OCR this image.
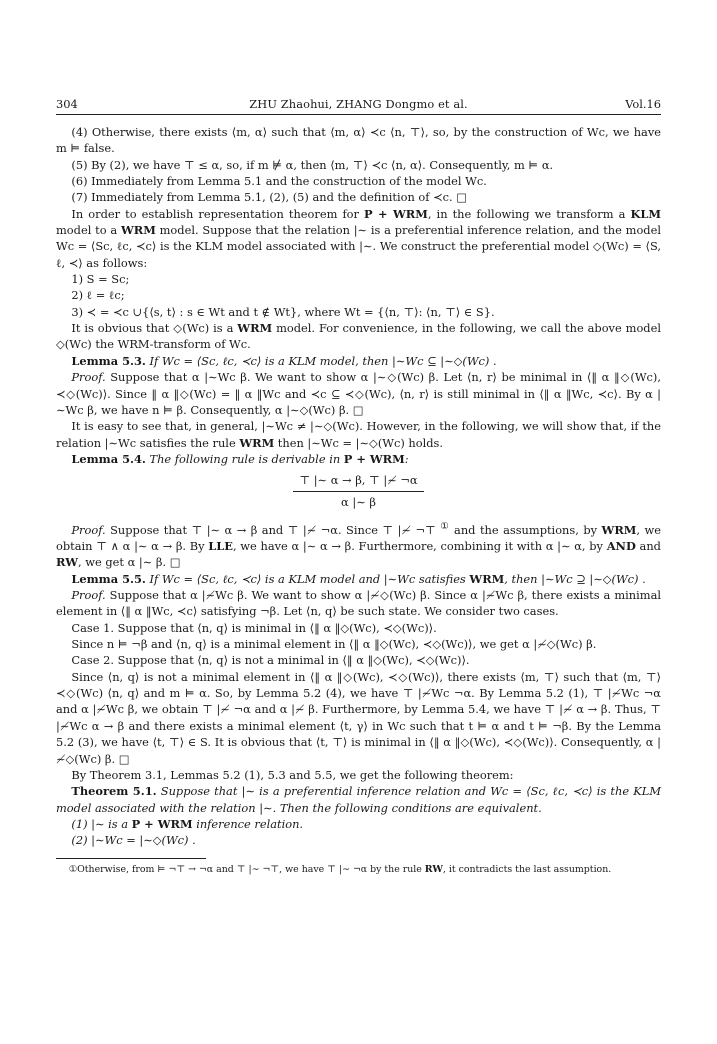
304	ZHU Zhaohui, ZHANG Dongmo et al.	Vol.16

(4) Otherwise, there exists ⟨m, α⟩ such that ⟨m, α⟩ ≺c ⟨n, ⊤⟩, so, by the construction of Wc, we have m ⊨ false.

(5) By (2), we have ⊤ ≤ α, so, if m ⊭ α, then ⟨m, ⊤⟩ ≺c ⟨n, α⟩. Consequently, m ⊨ α.

(6) Immediately from Lemma 5.1 and the construction of the model Wc.

(7) Immediately from Lemma 5.1, (2), (5) and the definition of ≺c. □

In order to establish representation theorem for P + WRM, in the following we transform a KLM model to a WRM model. Suppose that the relation |∼ is a preferential inference relation, and the model Wc = ⟨Sc, ℓc, ≺c⟩ is the KLM model associated with |∼. We construct the preferential model ◇(Wc) = ⟨S, ℓ, ≺⟩ as follows:

1) S = Sc;

2) ℓ = ℓc;

3) ≺ = ≺c ∪{⟨s, t⟩ : s ∈ Wt and t ∉ Wt}, where Wt = {⟨n, ⊤⟩: ⟨n, ⊤⟩ ∈ S}.

It is obvious that ◇(Wc) is a WRM model. For convenience, in the following, we call the above model ◇(Wc) the WRM-transform of Wc.

Lemma 5.3. If Wc = ⟨Sc, ℓc, ≺c⟩ is a KLM model, then |∼Wc ⊆ |∼◇(Wc) .

Proof. Suppose that α |∼Wc β. We want to show α |∼◇(Wc) β. Let ⟨n, r⟩ be minimal in ⟨‖ α ‖◇(Wc), ≺◇(Wc)⟩. Since ‖ α ‖◇(Wc) = ‖ α ‖Wc and ≺c ⊆ ≺◇(Wc), ⟨n, r⟩ is still minimal in ⟨‖ α ‖Wc, ≺c⟩. By α |∼Wc β, we have n ⊨ β. Consequently, α |∼◇(Wc) β. □

It is easy to see that, in general, |∼Wc ≠ |∼◇(Wc). However, in the following, we will show that, if the relation |∼Wc satisfies the rule WRM then |∼Wc = |∼◇(Wc) holds.

Lemma 5.4. The following rule is derivable in P + WRM:

$\frac{⊤ |\sim \alpha \to \beta, ⊤ |≁ \neg\alpha}{\alpha |\sim \beta}$

Proof. Suppose that ⊤ |∼ α → β and ⊤ |≁ ¬α. Since ⊤ |≁ ¬⊤ ① and the assumptions, by WRM, we obtain ⊤ ∧ α |∼ α → β. By LLE, we have α |∼ α → β. Furthermore, combining it with α |∼ α, by AND and RW, we get α |∼ β. □

Lemma 5.5. If Wc = ⟨Sc, ℓc, ≺c⟩ is a KLM model and |∼Wc satisfies WRM, then |∼Wc ⊇ |∼◇(Wc) .

Proof. Suppose that α |≁Wc β. We want to show α |≁◇(Wc) β. Since α |≁Wc β, there exists a minimal element in ⟨‖ α ‖Wc, ≺c⟩ satisfying ¬β. Let ⟨n, q⟩ be such state. We consider two cases.

Case 1. Suppose that ⟨n, q⟩ is minimal in ⟨‖ α ‖◇(Wc), ≺◇(Wc)⟩.

Since n ⊨ ¬β and ⟨n, q⟩ is a minimal element in ⟨‖ α ‖◇(Wc), ≺◇(Wc)⟩, we get α |≁◇(Wc) β.

Case 2. Suppose that ⟨n, q⟩ is not a minimal in ⟨‖ α ‖◇(Wc), ≺◇(Wc)⟩.

Since ⟨n, q⟩ is not a minimal element in ⟨‖ α ‖◇(Wc), ≺◇(Wc)⟩, there exists ⟨m, ⊤⟩ such that ⟨m, ⊤⟩ ≺◇(Wc) ⟨n, q⟩ and m ⊨ α. So, by Lemma 5.2 (4), we have ⊤ |≁Wc ¬α. By Lemma 5.2 (1), ⊤ |≁Wc ¬α and α |≁Wc β, we obtain ⊤ |≁ ¬α and α |≁ β. Furthermore, by Lemma 5.4, we have ⊤ |≁ α → β. Thus, ⊤ |≁Wc α → β and there exists a minimal element ⟨t, γ⟩ in Wc such that t ⊨ α and t ⊨ ¬β. By the Lemma 5.2 (3), we have ⟨t, ⊤⟩ ∈ S. It is obvious that ⟨t, ⊤⟩ is minimal in ⟨‖ α ‖◇(Wc), ≺◇(Wc)⟩. Consequently, α |≁◇(Wc) β. □

By Theorem 3.1, Lemmas 5.2 (1), 5.3 and 5.5, we get the following theorem:

Theorem 5.1. Suppose that |∼ is a preferential inference relation and Wc = ⟨Sc, ℓc, ≺c⟩ is the KLM model associated with the relation |∼. Then the following conditions are equivalent.

(1) |∼ is a P + WRM inference relation.

(2) |∼Wc = |∼◇(Wc) .

①Otherwise, from ⊨ ¬⊤ → ¬α and ⊤ |∼ ¬⊤, we have ⊤ |∼ ¬α by the rule RW, it contradicts the last assumption.
